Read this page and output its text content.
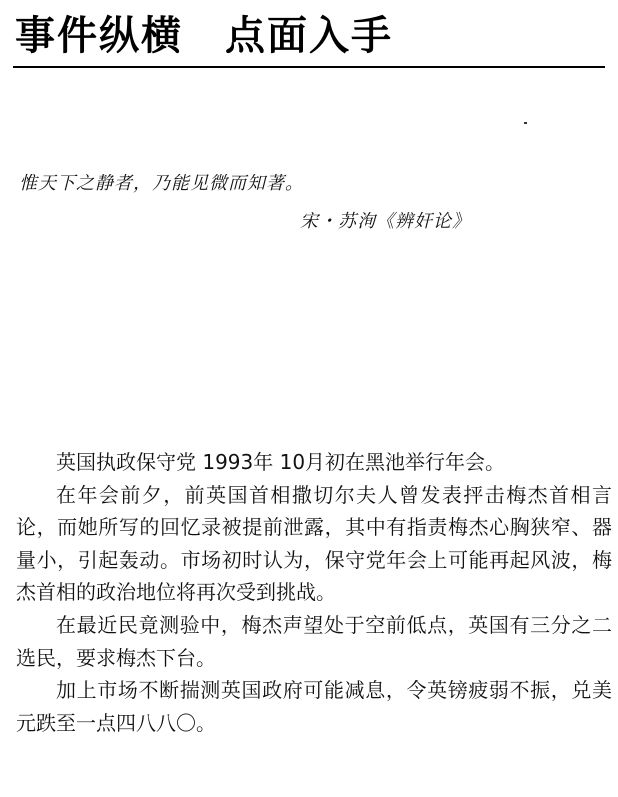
事件纵横　点面入手
惟天下之静者，乃能见微而知著。
宋・苏洵《辨奸论》

英国执政保守党 1993年 10月初在黑池举行年会。

在年会前夕，前英国首相撒切尔夫人曾发表抨击梅杰首相言论，而她所写的回忆录被提前泄露，其中有指责梅杰心胸狭窄、器量小，引起轰动。市场初时认为，保守党年会上可能再起风波，梅杰首相的政治地位将再次受到挑战。

在最近民竟测验中，梅杰声望处于空前低点，英国有三分之二选民，要求梅杰下台。

加上市场不断揣测英国政府可能减息，令英镑疲弱不振，兑美元跌至一点四八八〇。
